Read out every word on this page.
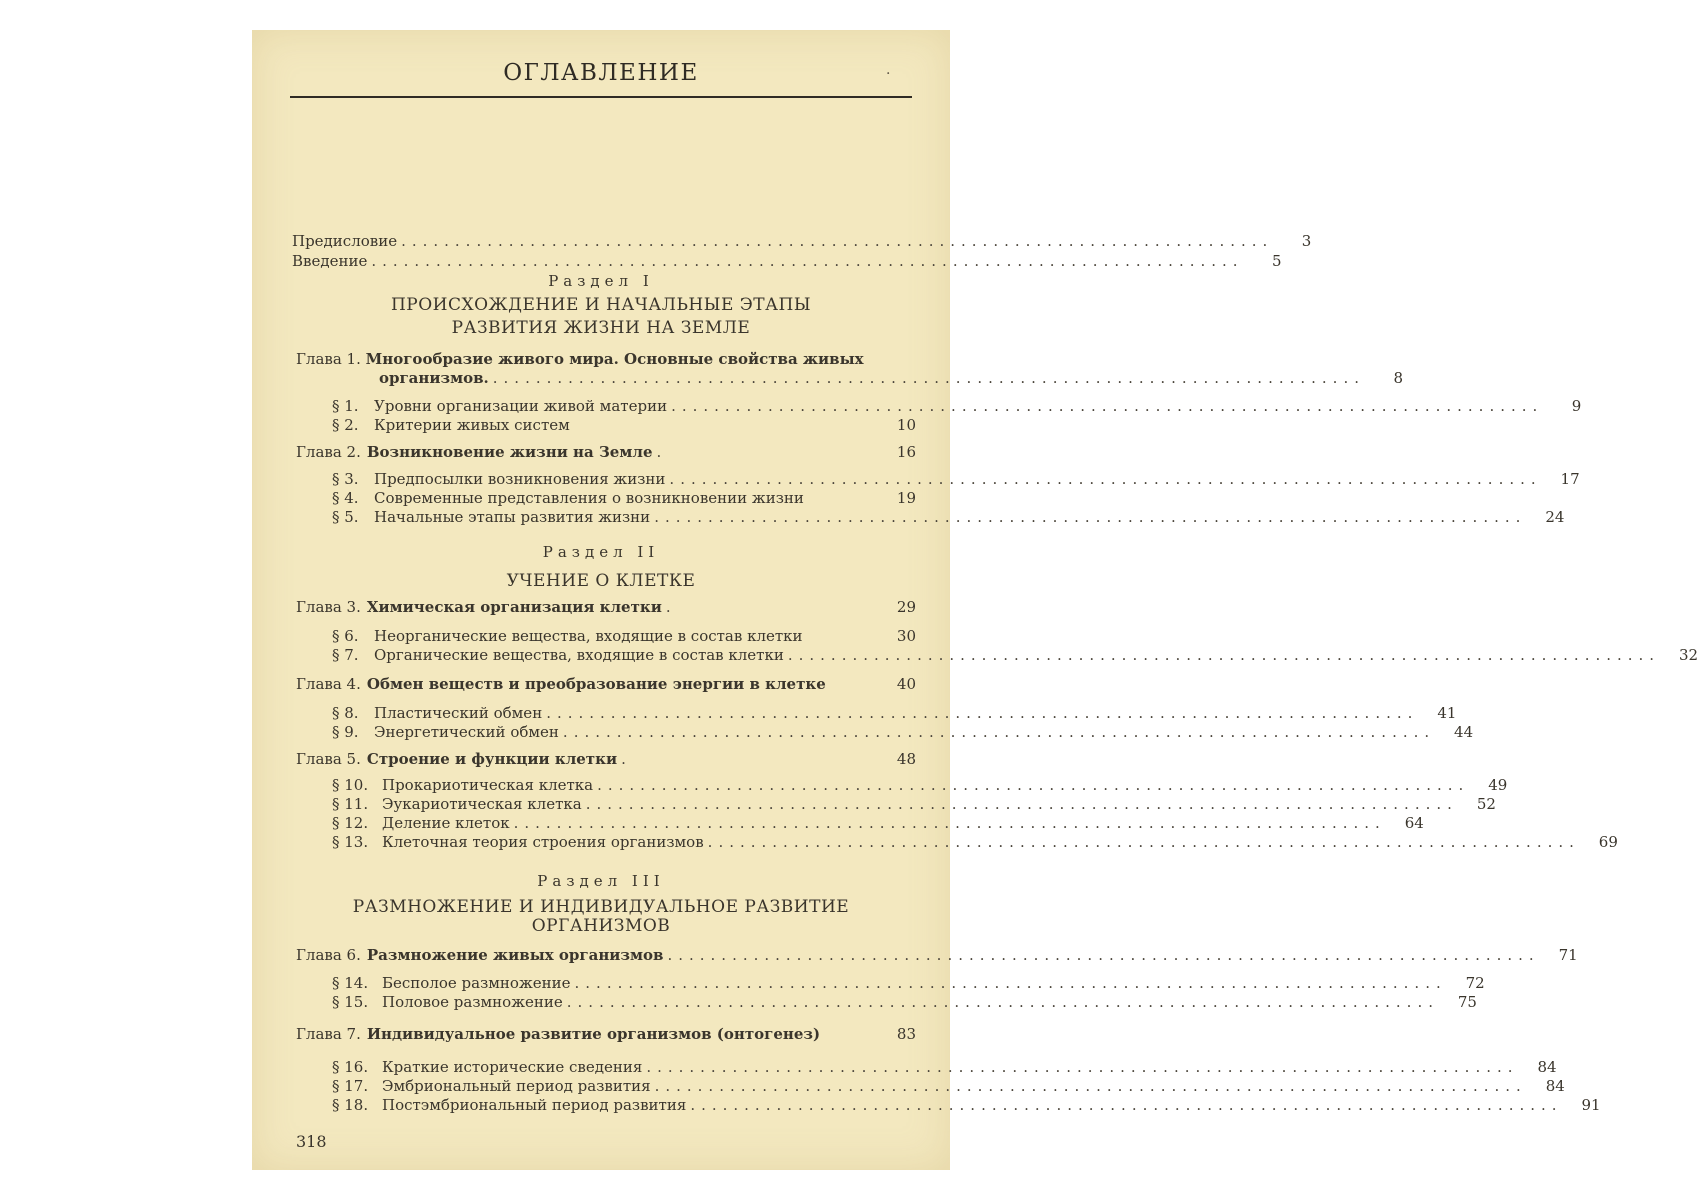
ОГЛАВЛЕНИЕ	·
Предисловие .................................................................................	3
Введение .................................................................................	5
Раздел I
ПРОИСХОЖДЕНИЕ И НАЧАЛЬНЫЕ ЭТАПЫ
РАЗВИТИЯ ЖИЗНИ НА ЗЕМЛЕ
Глава 1. Многообразие живого мира. Основные свойства живых
организмов. .................................................................................	8
§ 1.	Уровни организации живой материи .................................................................................	9
§ 2.	Критерии живых систем	10
Глава 2. Возникновение жизни на Земле .	16
§ 3.	Предпосылки возникновения жизни .................................................................................	17
§ 4.	Современные представления о возникновении жизни	19
§ 5.	Начальные этапы развития жизни .................................................................................	24
Раздел II
УЧЕНИЕ О КЛЕТКЕ
Глава 3. Химическая организация клетки .	29
§ 6.	Неорганические вещества, входящие в состав клетки	30
§ 7.	Органические вещества, входящие в состав клетки .................................................................................	32
Глава 4. Обмен веществ и преобразование энергии в клетке	40
§ 8.	Пластический обмен .................................................................................	41
§ 9.	Энергетический обмен .................................................................................	44
Глава 5. Строение и функции клетки .	48
§ 10. Прокариотическая клетка .................................................................................	49
§ 11. Эукариотическая клетка .................................................................................	52
§ 12. Деление клеток .................................................................................	64
§ 13. Клеточная теория строения организмов .................................................................................	69
Раздел III
РАЗМНОЖЕНИЕ И ИНДИВИДУАЛЬНОЕ РАЗВИТИЕ
ОРГАНИЗМОВ
Глава 6. Размножение живых организмов .................................................................................	71
§ 14. Бесполое размножение .................................................................................	72
§ 15. Половое размножение .................................................................................	75
Глава 7. Индивидуальное развитие организмов (онтогенез)	83
§ 16. Краткие исторические сведения .................................................................................	84
§ 17. Эмбриональный период развития .................................................................................	84
§ 18. Постэмбриональный период развития .................................................................................	91
318
